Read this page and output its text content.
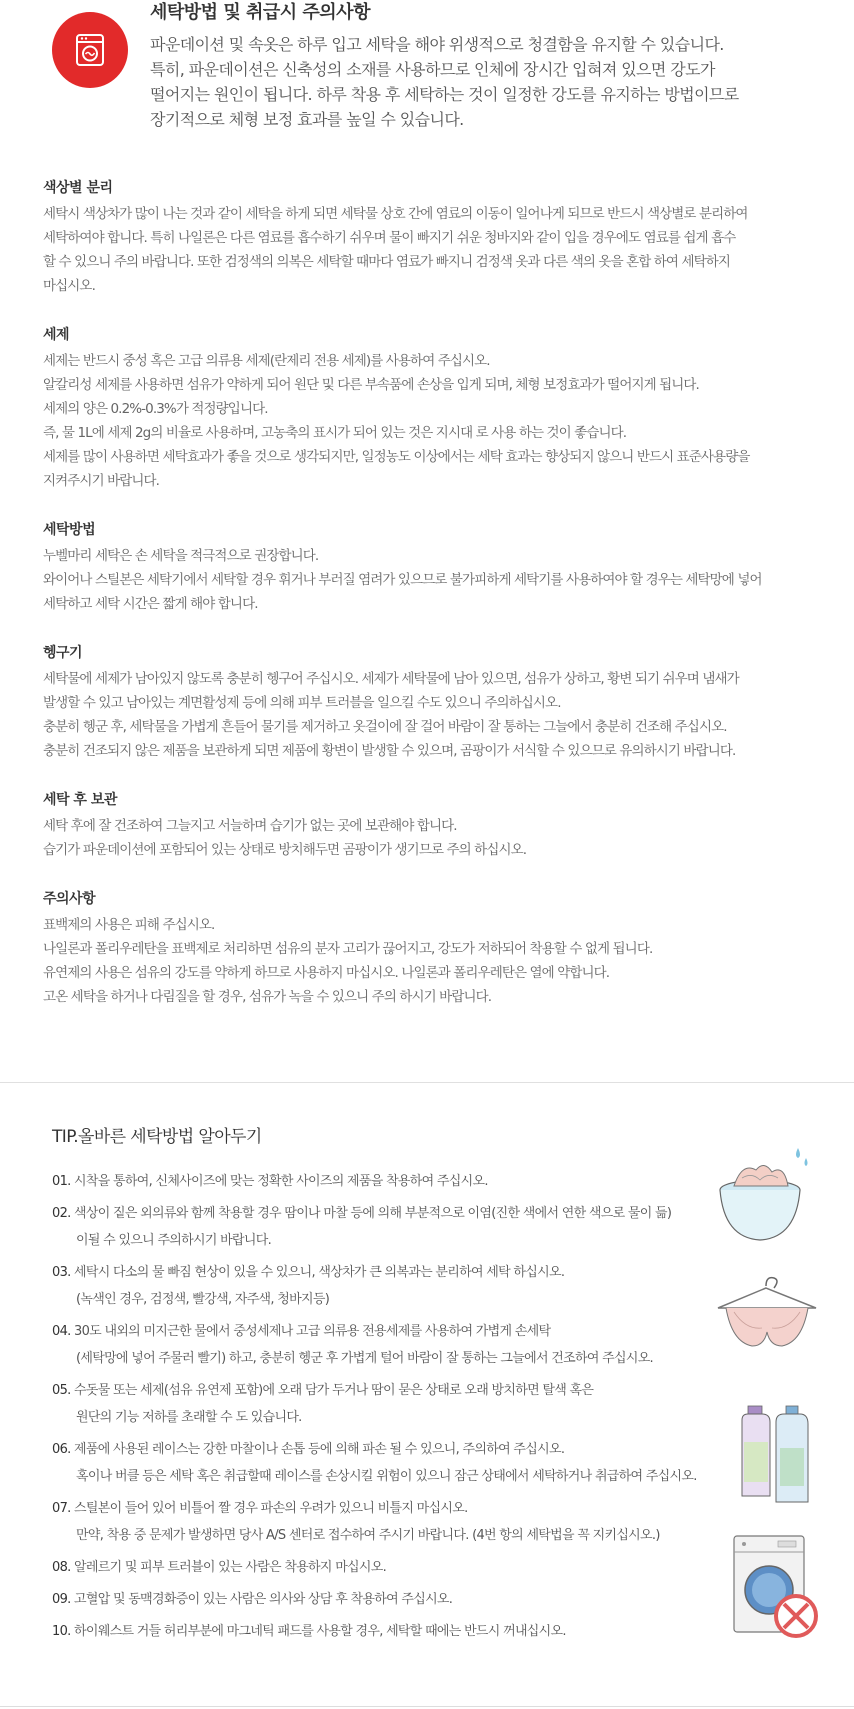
세탁방법 및 취급시 주의사항
파운데이션 및 속옷은 하루 입고 세탁을 해야 위생적으로 청결함을 유지할 수 있습니다.
특히, 파운데이션은 신축성의 소재를 사용하므로 인체에 장시간 입혀져 있으면 강도가
떨어지는 원인이 됩니다. 하루 착용 후 세탁하는 것이 일정한 강도를 유지하는 방법이므로
장기적으로 체형 보정 효과를 높일 수 있습니다.
색상별 분리
세탁시 색상차가 많이 나는 것과 같이 세탁을 하게 되면 세탁물 상호 간에 염료의 이동이 일어나게 되므로 반드시 색상별로 분리하여
세탁하여야 합니다. 특히 나일론은 다른 염료를 흡수하기 쉬우며 물이 빠지기 쉬운 청바지와 같이 입을 경우에도 염료를 쉽게 흡수
할 수 있으니 주의 바랍니다. 또한 검정색의 의복은 세탁할 때마다 염료가 빠지니 검정색 옷과 다른 색의 옷을 혼합 하여 세탁하지
마십시오.
세제
세제는 반드시 중성 혹은 고급 의류용 세제(란제리 전용 세제)를 사용하여 주십시오.
알칼리성 세제를 사용하면 섬유가 약하게 되어 원단 및 다른 부속품에 손상을 입게 되며, 체형 보정효과가 떨어지게 됩니다.
세제의 양은 0.2%-0.3%가 적정량입니다.
즉, 물 1L에 세제 2g의 비율로 사용하며, 고농축의 표시가 되어 있는 것은 지시대 로 사용 하는 것이 좋습니다.
세제를 많이 사용하면 세탁효과가 좋을 것으로 생각되지만, 일정농도 이상에서는 세탁 효과는 향상되지 않으니 반드시 표준사용량을
지켜주시기 바랍니다.
세탁방법
누벨마리 세탁은 손 세탁을 적극적으로 권장합니다.
와이어나 스틸본은 세탁기에서 세탁할 경우 휘거나 부러질 염려가 있으므로 불가피하게 세탁기를 사용하여야 할 경우는 세탁망에 넣어
세탁하고 세탁 시간은 짧게 해야 합니다.
헹구기
세탁물에 세제가 남아있지 않도록 충분히 헹구어 주십시오. 세제가 세탁물에 남아 있으면, 섬유가 상하고, 황변 되기 쉬우며 냄새가
발생할 수 있고 남아있는 계면활성제 등에 의해 피부 트러블을 일으킬 수도 있으니 주의하십시오.
충분히 헹군 후, 세탁물을 가볍게 흔들어 물기를 제거하고 옷걸이에 잘 걸어 바람이 잘 통하는 그늘에서 충분히 건조해 주십시오.
충분히 건조되지 않은 제품을 보관하게 되면 제품에 황변이 발생할 수 있으며, 곰팡이가 서식할 수 있으므로 유의하시기 바랍니다.
세탁 후 보관
세탁 후에 잘 건조하여 그늘지고 서늘하며 습기가 없는 곳에 보관해야 합니다.
습기가 파운데이션에 포함되어 있는 상태로 방치해두면 곰팡이가 생기므로 주의 하십시오.
주의사항
표백제의 사용은 피해 주십시오.
나일론과 폴리우레탄을 표백제로 처리하면 섬유의 분자 고리가 끊어지고, 강도가 저하되어 착용할 수 없게 됩니다.
유연제의 사용은 섬유의 강도를 약하게 하므로 사용하지 마십시오. 나일론과 폴리우레탄은 열에 약합니다.
고온 세탁을 하거나 다림질을 할 경우, 섬유가 녹을 수 있으니 주의 하시기 바랍니다.
TIP.올바른 세탁방법 알아두기
01. 시착을 통하여, 신체사이즈에 맞는 정확한 사이즈의 제품을 착용하여 주십시오.
02. 색상이 짙은 외의류와 함께 착용할 경우 땀이나 마찰 등에 의해 부분적으로 이염(진한 색에서 연한 색으로 물이 듦)
이될 수 있으니 주의하시기 바랍니다.
03. 세탁시 다소의 물 빠짐 현상이 있을 수 있으니, 색상차가 큰 의복과는 분리하여 세탁 하십시오.
(녹색인 경우, 검정색, 빨강색, 자주색, 청바지등)
04. 30도 내외의 미지근한 물에서 중성세제나 고급 의류용 전용세제를 사용하여 가볍게 손세탁
(세탁망에 넣어 주물러 빨기) 하고, 충분히 헹군 후 가볍게 털어 바람이 잘 통하는 그늘에서 건조하여 주십시오.
05. 수돗물 또는 세제(섬유 유연제 포함)에 오래 담가 두거나 땀이 묻은 상태로 오래 방치하면 탈색 혹은
원단의 기능 저하를 초래할 수 도 있습니다.
06. 제품에 사용된 레이스는 강한 마찰이나 손톱 등에 의해 파손 될 수 있으니, 주의하여 주십시오.
혹이나 버클 등은 세탁 혹은 취급할때 레이스를 손상시킬 위험이 있으니 잠근 상태에서 세탁하거나 취급하여 주십시오.
07. 스틸본이 들어 있어 비틀어 짤 경우 파손의 우려가 있으니 비틀지 마십시오.
만약, 착용 중 문제가 발생하면 당사 A/S 센터로 접수하여 주시기 바랍니다. (4번 항의 세탁법을 꼭 지키십시오.)
08. 알레르기 및 피부 트러블이 있는 사람은 착용하지 마십시오.
09. 고혈압 및 동맥경화증이 있는 사람은 의사와 상담 후 착용하여 주십시오.
10. 하이웨스트 거들 허리부분에 마그네틱 패드를 사용할 경우, 세탁할 때에는 반드시 꺼내십시오.
